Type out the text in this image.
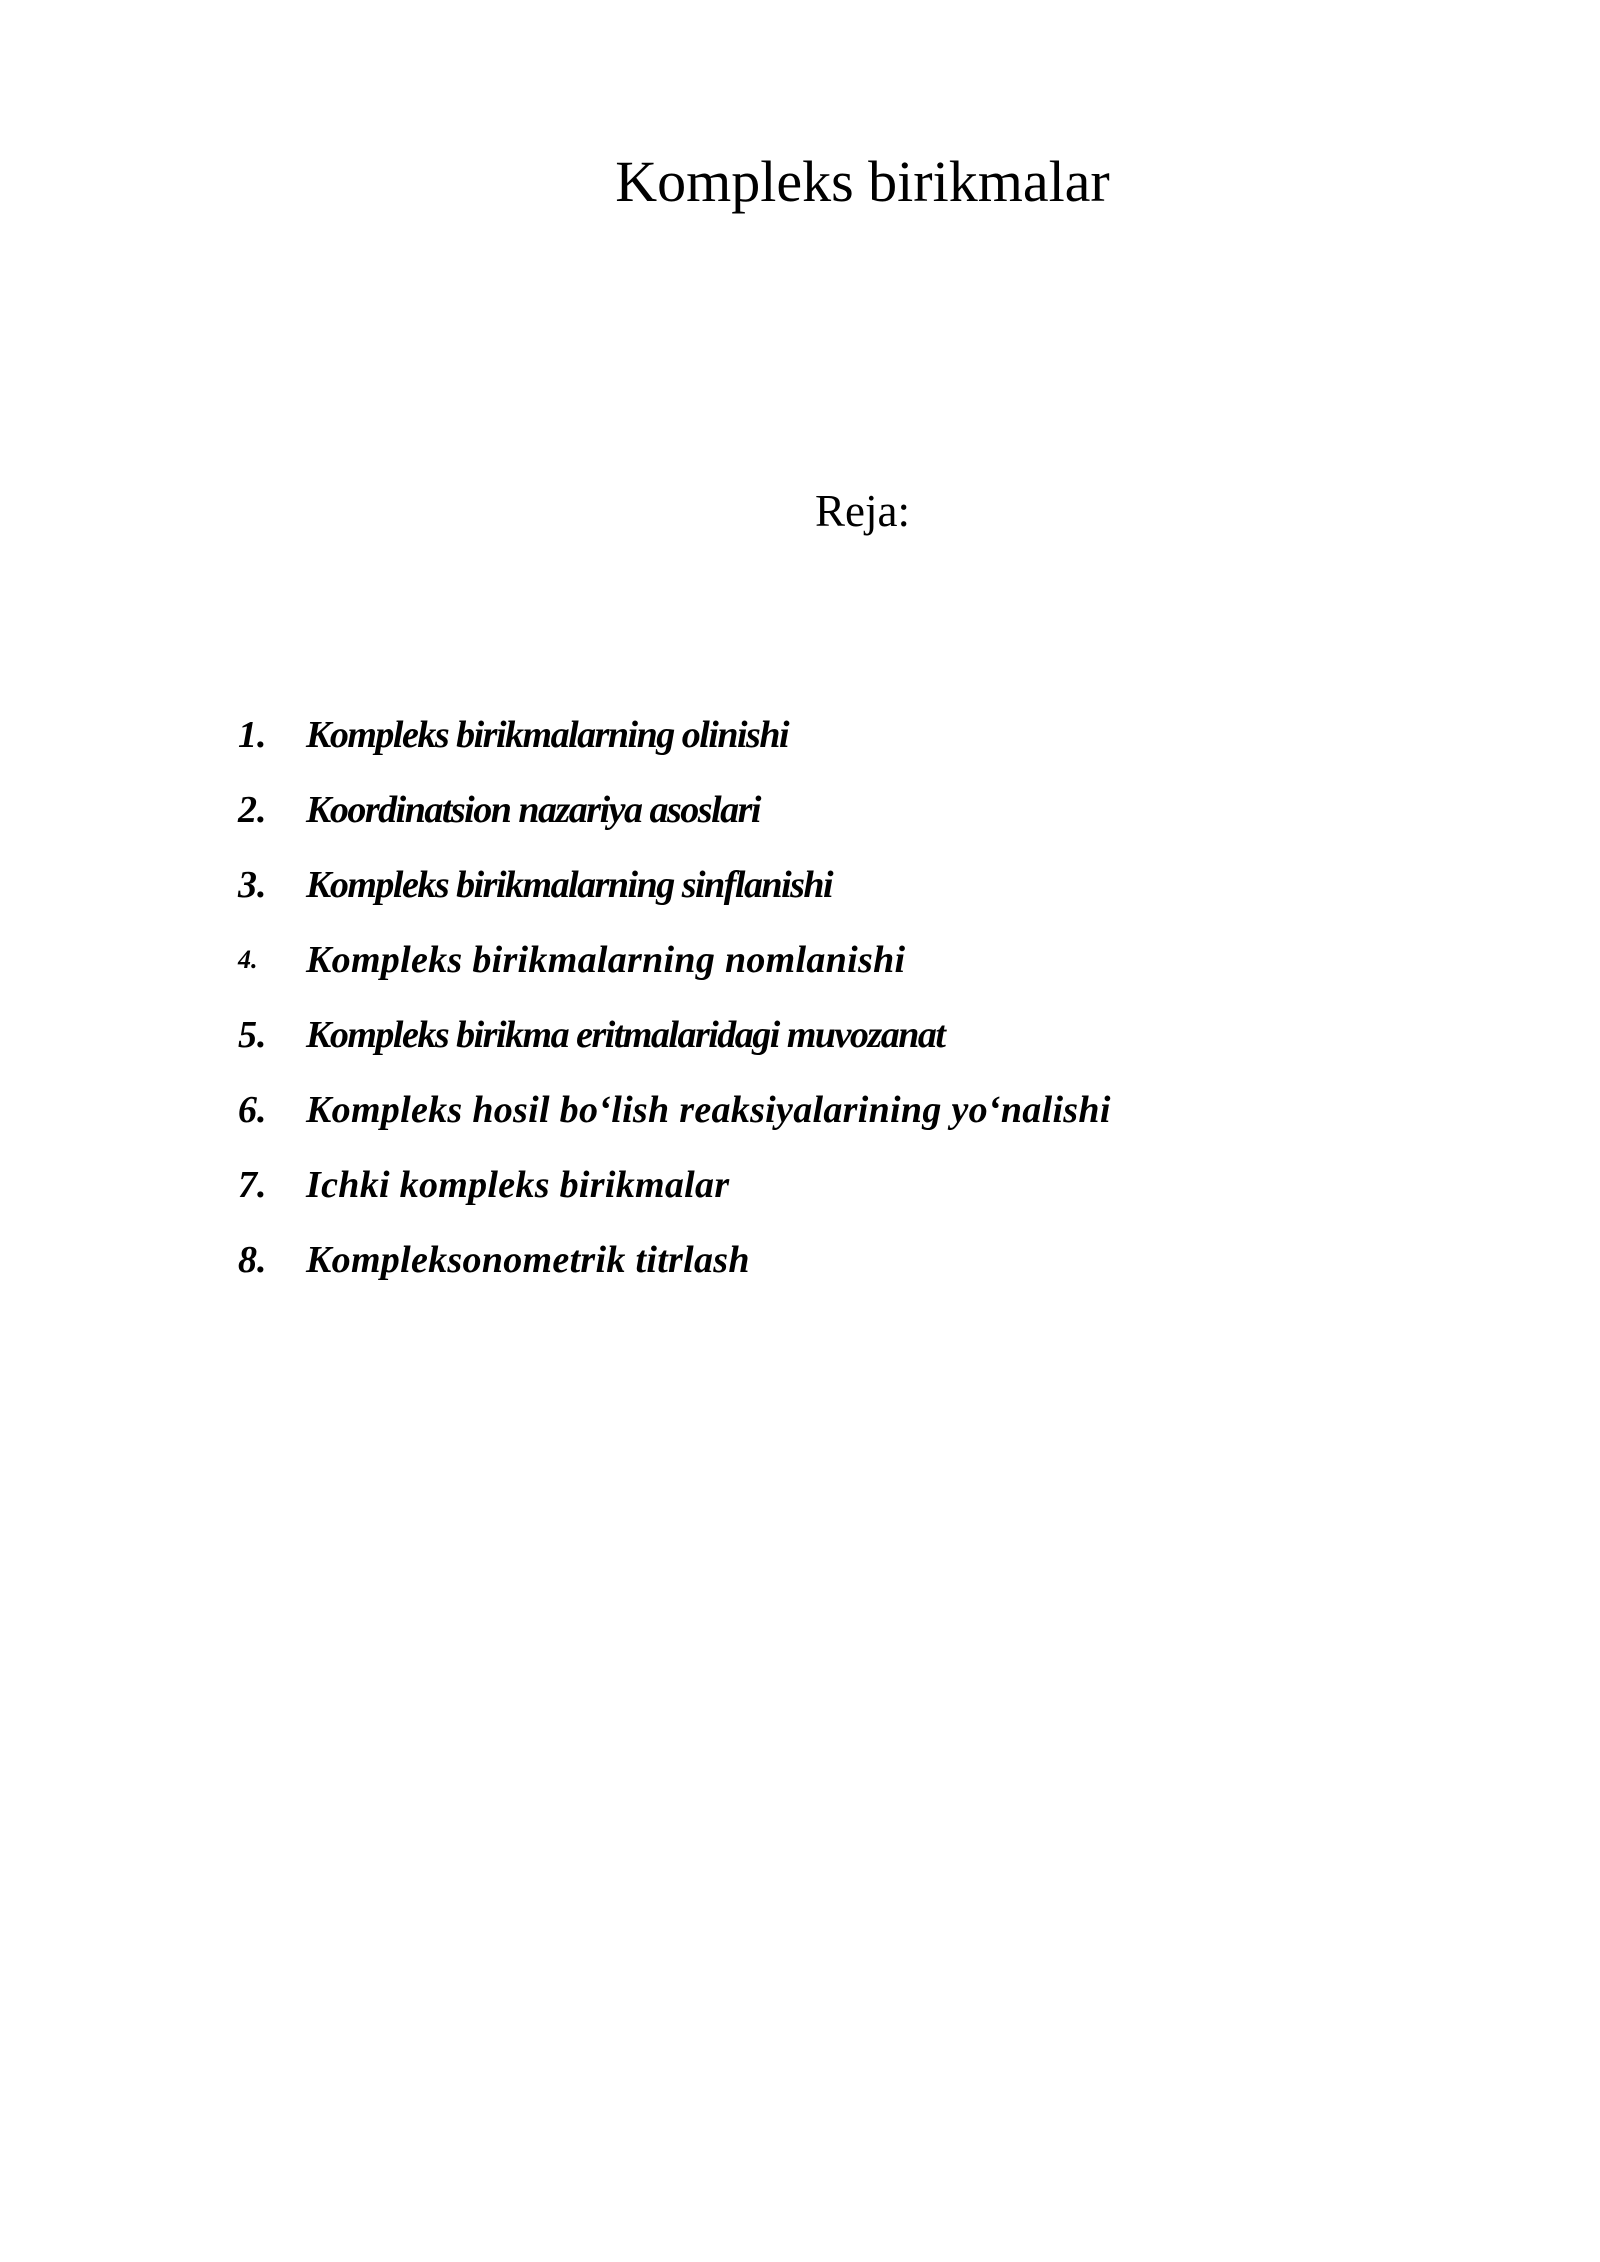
Kompleks birikmalar
Reja:
1.	Kompleks birikmalarning olinishi
2.	Koordinatsion nazariya asoslari
3.	Kompleks birikmalarning sinflanishi
4.	Kompleks birikmalarning nomlanishi
5.	Kompleks birikma eritmalaridagi muvozanat
6.	Kompleks hosil bo‘lish reaksiyalarining yo‘nalishi
7.	Ichki kompleks birikmalar
8.	Kompleksonometrik titrlash
